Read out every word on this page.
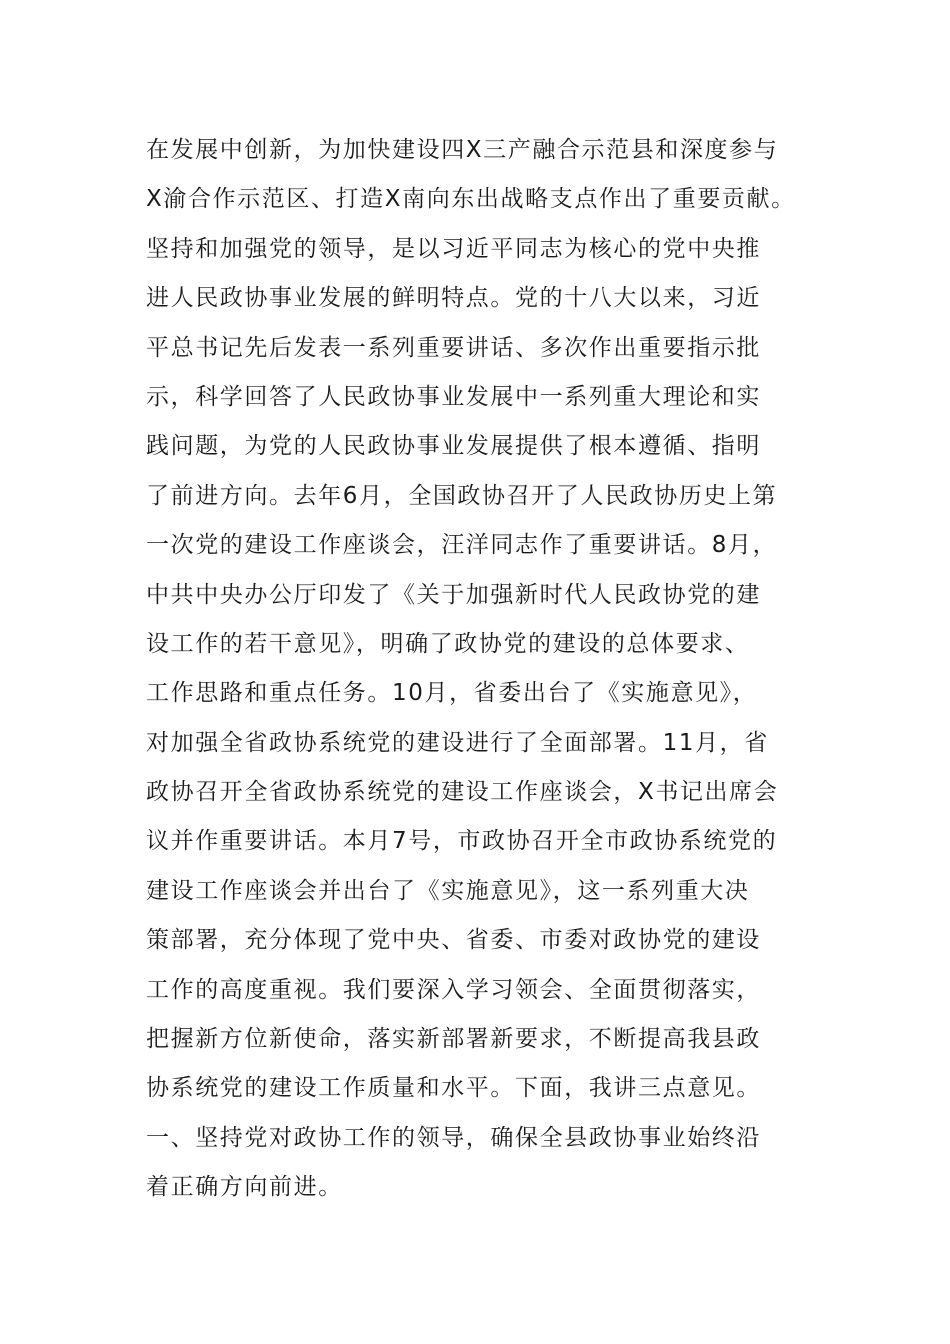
在发展中创新，为加快建设四X三产融合示范县和深度参与
X渝合作示范区、打造X南向东出战略支点作出了重要贡献。
坚持和加强党的领导，是以习近平同志为核心的党中央推
进人民政协事业发展的鲜明特点。党的十八大以来，习近
平总书记先后发表一系列重要讲话、多次作出重要指示批
示，科学回答了人民政协事业发展中一系列重大理论和实
践问题，为党的人民政协事业发展提供了根本遵循、指明
了前进方向。去年6月，全国政协召开了人民政协历史上第
一次党的建设工作座谈会，汪洋同志作了重要讲话。8月，
中共中央办公厅印发了《关于加强新时代人民政协党的建
设工作的若干意见》，明确了政协党的建设的总体要求、
工作思路和重点任务。10月，省委出台了《实施意见》，
对加强全省政协系统党的建设进行了全面部署。11月，省
政协召开全省政协系统党的建设工作座谈会，X书记出席会
议并作重要讲话。本月7号，市政协召开全市政协系统党的
建设工作座谈会并出台了《实施意见》，这一系列重大决
策部署，充分体现了党中央、省委、市委对政协党的建设
工作的高度重视。我们要深入学习领会、全面贯彻落实，
把握新方位新使命，落实新部署新要求，不断提高我县政
协系统党的建设工作质量和水平。下面，我讲三点意见。
一、坚持党对政协工作的领导，确保全县政协事业始终沿
着正确方向前进。
